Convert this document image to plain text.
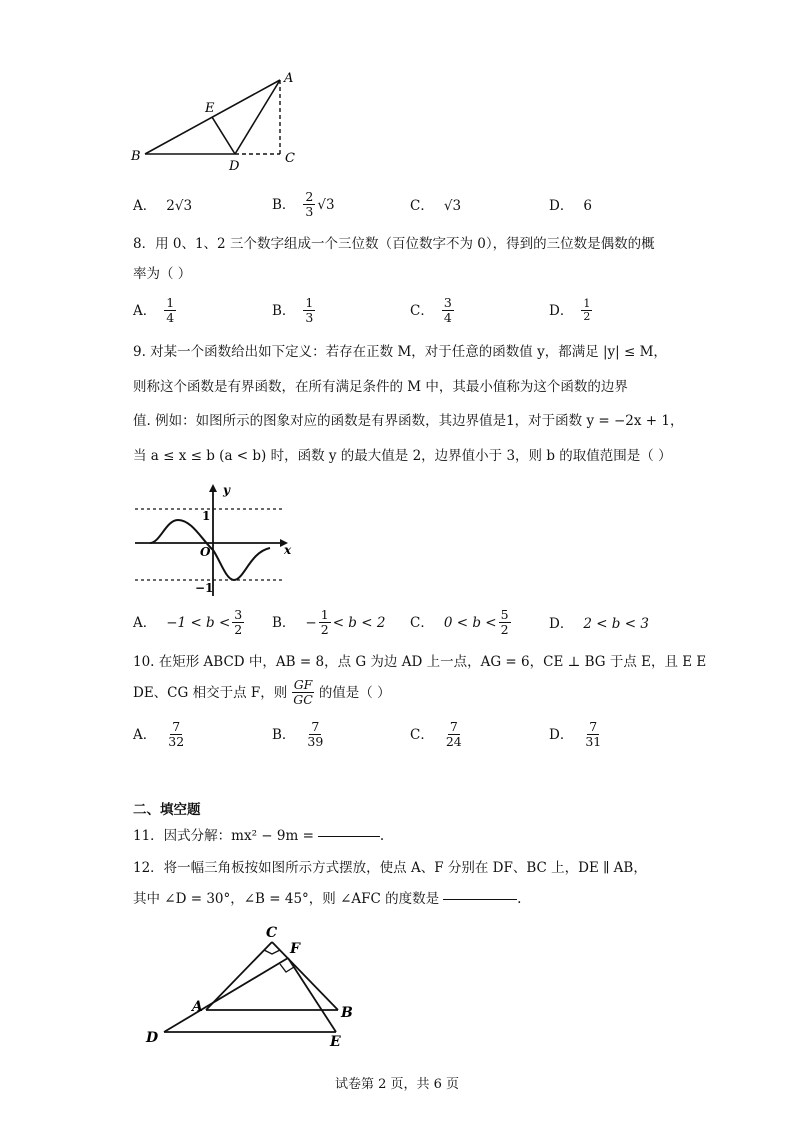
A
E
B
D
C
A． 2√3	B． $\frac{2}{3} √3$	C． √3	D． 6
8．用 0、1、2 三个数字组成一个三位数（百位数字不为 0），得到的三位数是偶数的概
率为（ ）
A． $\frac{1}{4}$	B． $\frac{1}{3}$	C． $\frac{3}{4}$	D． $\frac{1}{2}$
9. 对某一个函数给出如下定义：若存在正数 M，对于任意的函数值 y，都满足 |y| ≤ M，
则称这个函数是有界函数，在所有满足条件的 M 中，其最小值称为这个函数的边界
值. 例如：如图所示的图象对应的函数是有界函数，其边界值是1，对于函数 y = −2x + 1，
当 a ≤ x ≤ b (a < b) 时，函数 y 的最大值是 2，边界值小于 3，则 b 的取值范围是（ ）
y
x
1
O
−1
A． $-1 < b < \frac{3}{2}$ B． − $\frac{1}{2} < b < 2$ C． $0 < b < \frac{5}{2}$	D． 2 < b < 3
10. 在矩形 ABCD 中，AB = 8，点 G 为边 AD 上一点，AG = 6，CE ⊥ BG 于点 E，且 E E
DE、CG 相交于点 F，则 $\frac{GF}{GC}$ 的值是（ ）
A． $\frac{7}{32}$	B． $\frac{7}{39}$	C． $\frac{7}{24}$	D． $\frac{7}{31}$
二、填空题
11．因式分解：mx² − 9m =	.
12．将一幅三角板按如图所示方式摆放，使点 A、F 分别在 DF、BC 上，DE ∥ AB，
其中 ∠D = 30°，∠B = 45°，则 ∠AFC 的度数是	.
C
F
A	B
D	E
试卷第 2 页，共 6 页
